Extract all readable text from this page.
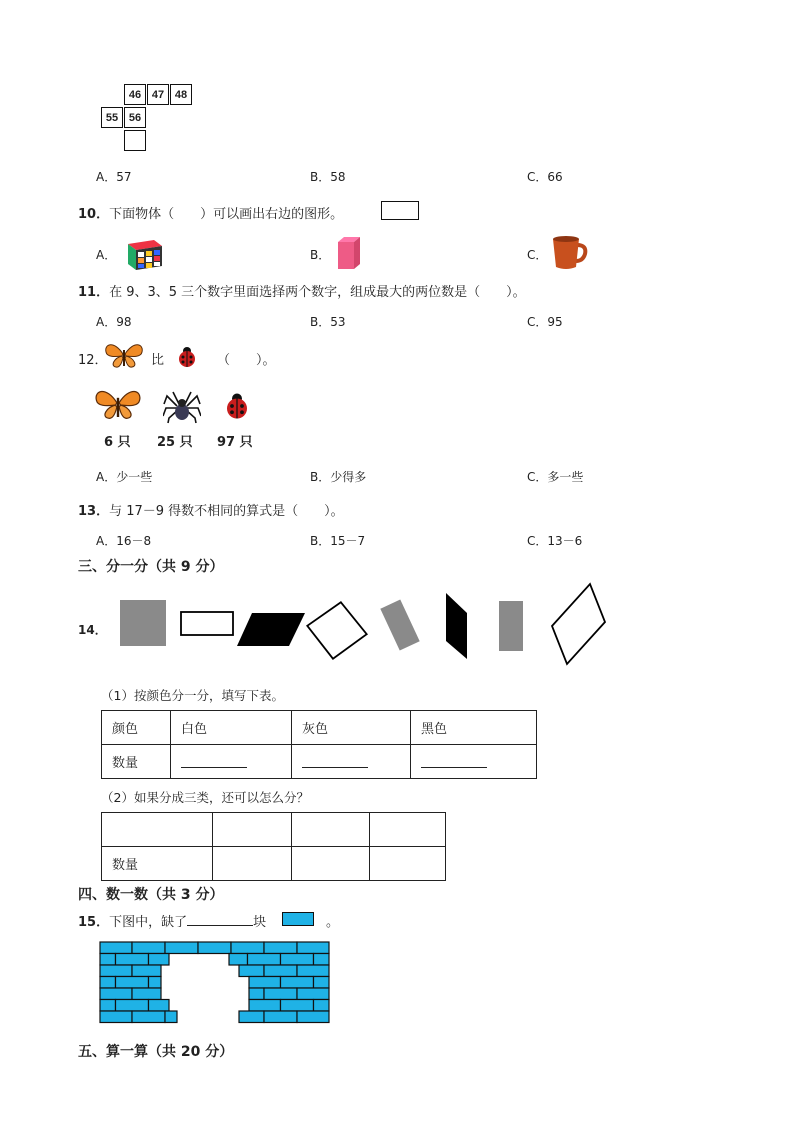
46 47 48
55 56
A．57	B．58	C．66
10．下面物体（　　）可以画出右边的图形。
A．	B．	C．
11．在 9、3、5 三个数字里面选择两个数字，组成最大的两位数是（　　）。
A．98	B．53	C．95
12．	比	（　　）。
6 只 25 只 97 只
A．少一些	B．少得多	C．多一些
13．与 17－9 得数不相同的算式是（　　）。
A．16－8	B．15－7	C．13－6
三、分一分（共 9 分）
14．
（1）按颜色分一分，填写下表。
颜色	白色	灰色	黑色
数量			
（2）如果分成三类，还可以怎么分？

数量			
四、数一数（共 3 分）
15．下图中，缺了	块	。
五、算一算（共 20 分）
